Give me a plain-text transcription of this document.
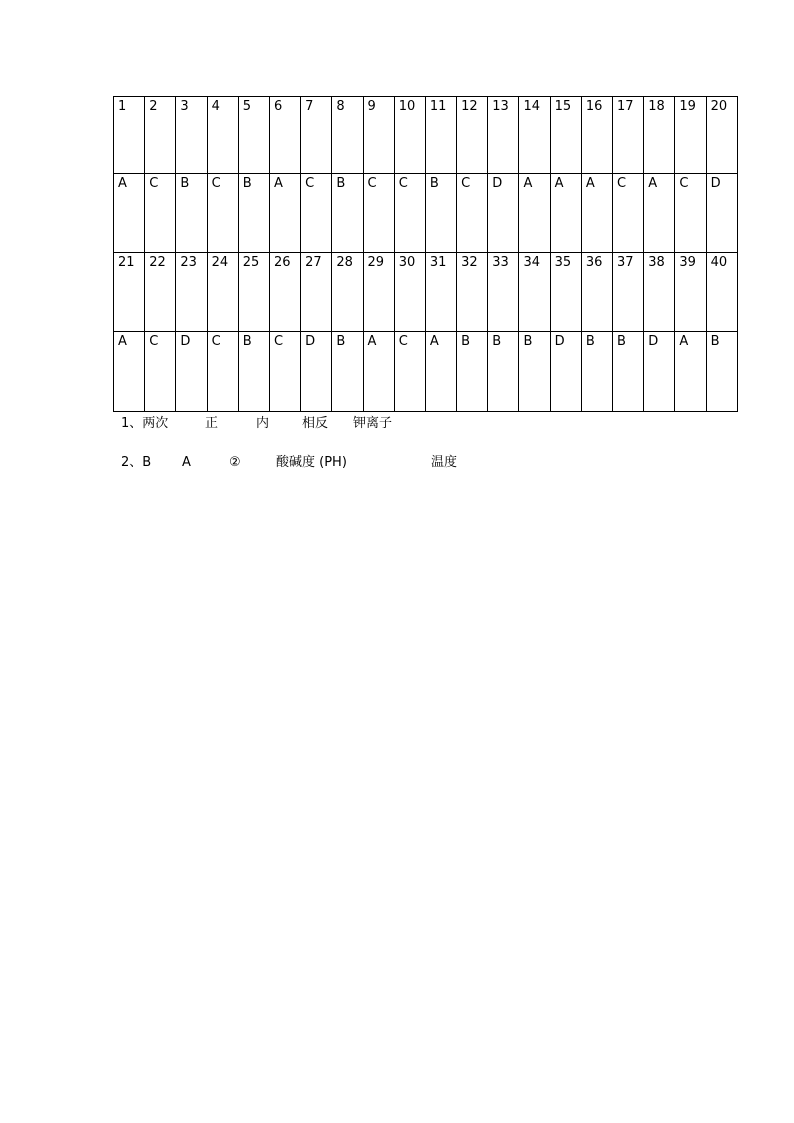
1	2	3	4	5	6	7	8	9	10	11	12	13	14	15	16	17	18	19	20
A	C	B	C	B	A	C	B	C	C	B	C	D	A	A	A	C	A	C	D
21	22	23	24	25	26	27	28	29	30	31	32	33	34	35	36	37	38	39	40
A	C	D	C	B	C	D	B	A	C	A	B	B	B	D	B	B	D	A	B
1、两次	正	内	相反 钾离子
2、B A	②	酸碱度 (PH)	温度
